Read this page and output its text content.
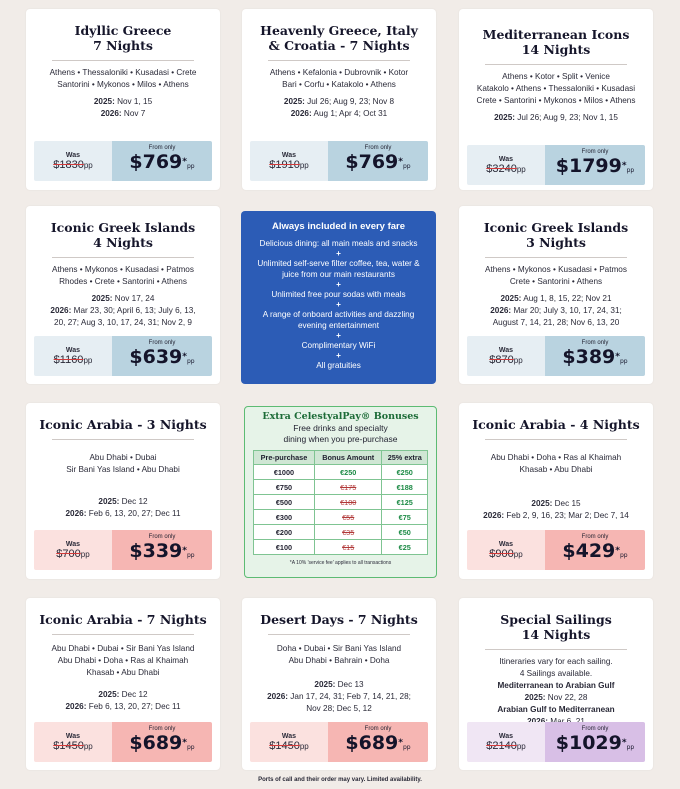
Idyllic Greece
7 Nights
Athens • Thessaloniki • Kusadasi • Crete
Santorini • Mykonos • Milos • Athens
2025: Nov 1, 15
2026: Nov 7
Was
$1830pp
From only
$769*pp
Heavenly Greece, Italy
& Croatia - 7 Nights
Athens • Kefalonia • Dubrovnik • Kotor
Bari • Corfu • Katakolo • Athens
2025: Jul 26; Aug 9, 23; Nov 8
2026: Aug 1; Apr 4; Oct 31
Was
$1910pp
From only
$769*pp
Mediterranean Icons
14 Nights
Athens • Kotor • Split • Venice
Katakolo • Athens • Thessaloniki • Kusadasi
Crete • Santorini • Mykonos • Milos • Athens
2025: Jul 26; Aug 9, 23; Nov 1, 15
Was
$3240pp
From only
$1799*pp
Iconic Greek Islands
4 Nights
Athens • Mykonos • Kusadasi • Patmos
Rhodes • Crete • Santorini • Athens
2025: Nov 17, 24
2026: Mar 23, 30; April 6, 13; July 6, 13,
20, 27; Aug 3, 10, 17, 24, 31; Nov 2, 9
Was
$1160pp
From only
$639*pp
Always included in every fare
Delicious dining: all main meals and snacks
+
Unlimited self-serve filter coffee, tea, water & juice from our main restaurants
+
Unlimited free pour sodas with meals
+
A range of onboard activities and dazzling evening entertainment
+
Complimentary WiFi
+
All gratuities
Iconic Greek Islands
3 Nights
Athens • Mykonos • Kusadasi • Patmos
Crete • Santorini • Athens
2025: Aug 1, 8, 15, 22; Nov 21
2026: Mar 20; July 3, 10, 17, 24, 31;
August 7, 14, 21, 28; Nov 6, 13, 20
Was
$870pp
From only
$389*pp
Iconic Arabia - 3 Nights
Abu Dhabi • Dubai
Sir Bani Yas Island • Abu Dhabi
2025: Dec 12
2026: Feb 6, 13, 20, 27; Dec 11
Was
$700pp
From only
$339*pp
Extra CelestyalPay® Bonuses
Free drinks and specialty
dining when you pre-purchase
Pre-purchase	Bonus Amount	25% extra
€1000	€250	€250
€750	€175	€188
€500	€100	€125
€300	€55	€75
€200	€35	€50
€100	€15	€25
*A 10% 'service fee' applies to all transactions
Iconic Arabia - 4 Nights
Abu Dhabi • Doha • Ras al Khaimah
Khasab • Abu Dhabi
2025: Dec 15
2026: Feb 2, 9, 16, 23; Mar 2; Dec 7, 14
Was
$900pp
From only
$429*pp
Iconic Arabia - 7 Nights
Abu Dhabi • Dubai • Sir Bani Yas Island
Abu Dhabi • Doha • Ras al Khaimah
Khasab • Abu Dhabi
2025: Dec 12
2026: Feb 6, 13, 20, 27; Dec 11
Was
$1450pp
From only
$689*pp
Desert Days - 7 Nights
Doha • Dubai • Sir Bani Yas Island
Abu Dhabi • Bahrain • Doha
2025: Dec 13
2026: Jan 17, 24, 31; Feb 7, 14, 21, 28;
Nov 28; Dec 5, 12
Was
$1450pp
From only
$689*pp
Special Sailings
14 Nights
Itineraries vary for each sailing.
4 Sailings available.
Mediterranean to Arabian Gulf
2025: Nov 22, 28
Arabian Gulf to Mediterranean
Was
$2140pp
From only
$1029*pp
Ports of call and their order may vary. Limited availability.
